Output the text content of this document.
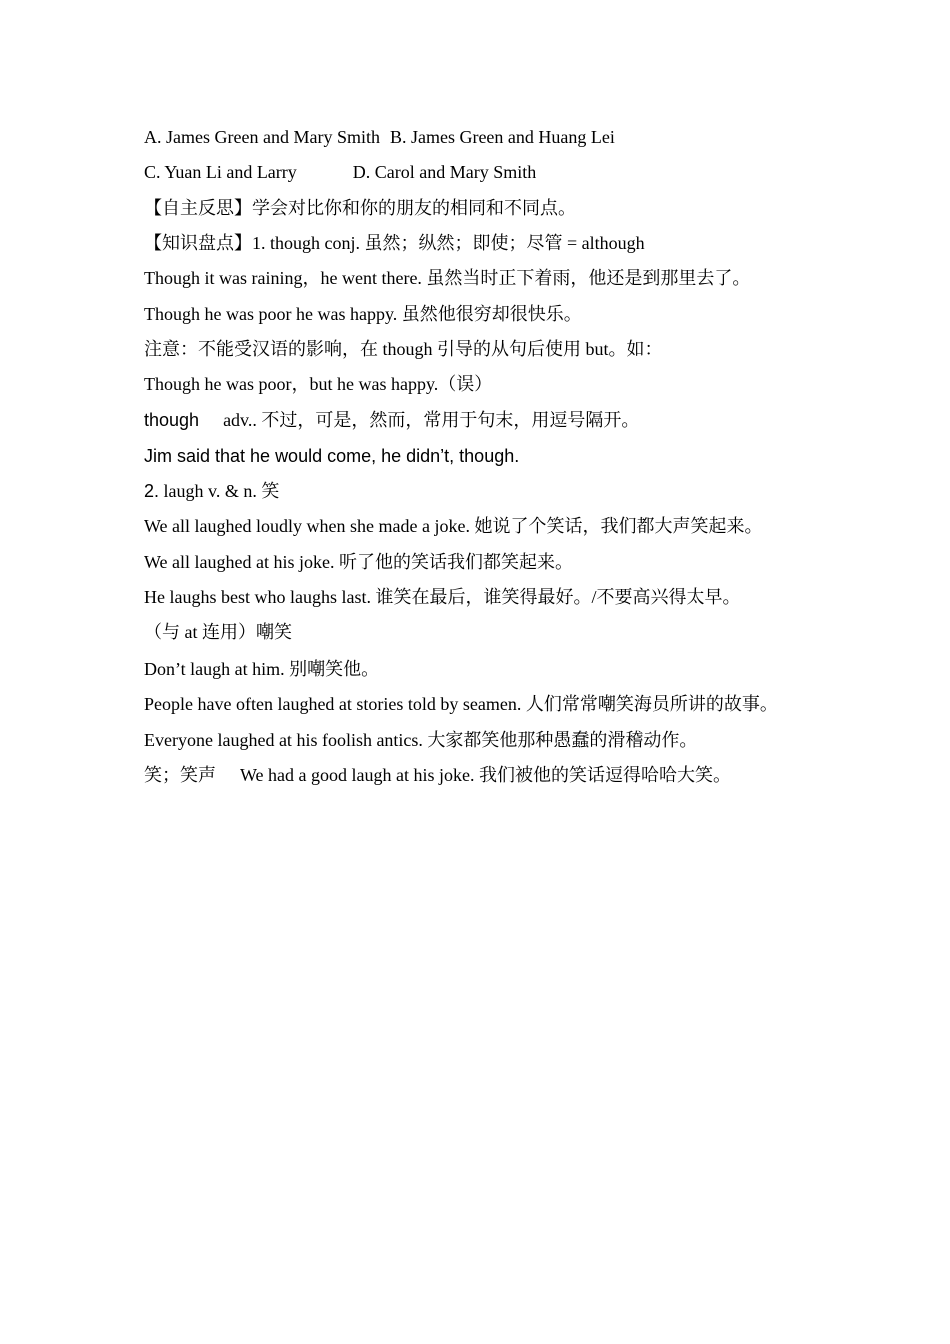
A. James Green and Mary Smith B. James Green and Huang Lei
C. Yuan Li and Larry	D. Carol and Mary Smith
【自主反思】学会对比你和你的朋友的相同和不同点。
【知识盘点】1. though conj. 虽然；纵然；即使；尽管 = although
Though it was raining，he went there. 虽然当时正下着雨，他还是到那里去了。
Though he was poor he was happy. 虽然他很穷却很快乐。
注意：不能受汉语的影响，在 though 引导的从句后使用 but。如：
Though he was poor，but he was happy.（误）
though adv.. 不过，可是，然而，常用于句末，用逗号隔开。
Jim said that he would come, he didn’t, though.
2. laugh v. & n. 笑
We all laughed loudly when she made a joke. 她说了个笑话，我们都大声笑起来。
We all laughed at his joke. 听了他的笑话我们都笑起来。
He laughs best who laughs last. 谁笑在最后，谁笑得最好。/不要高兴得太早。
（与 at 连用）嘲笑
Don’t laugh at him. 别嘲笑他。
People have often laughed at stories told by seamen. 人们常常嘲笑海员所讲的故事。
Everyone laughed at his foolish antics. 大家都笑他那种愚蠢的滑稽动作。
笑；笑声 We had a good laugh at his joke. 我们被他的笑话逗得哈哈大笑。
